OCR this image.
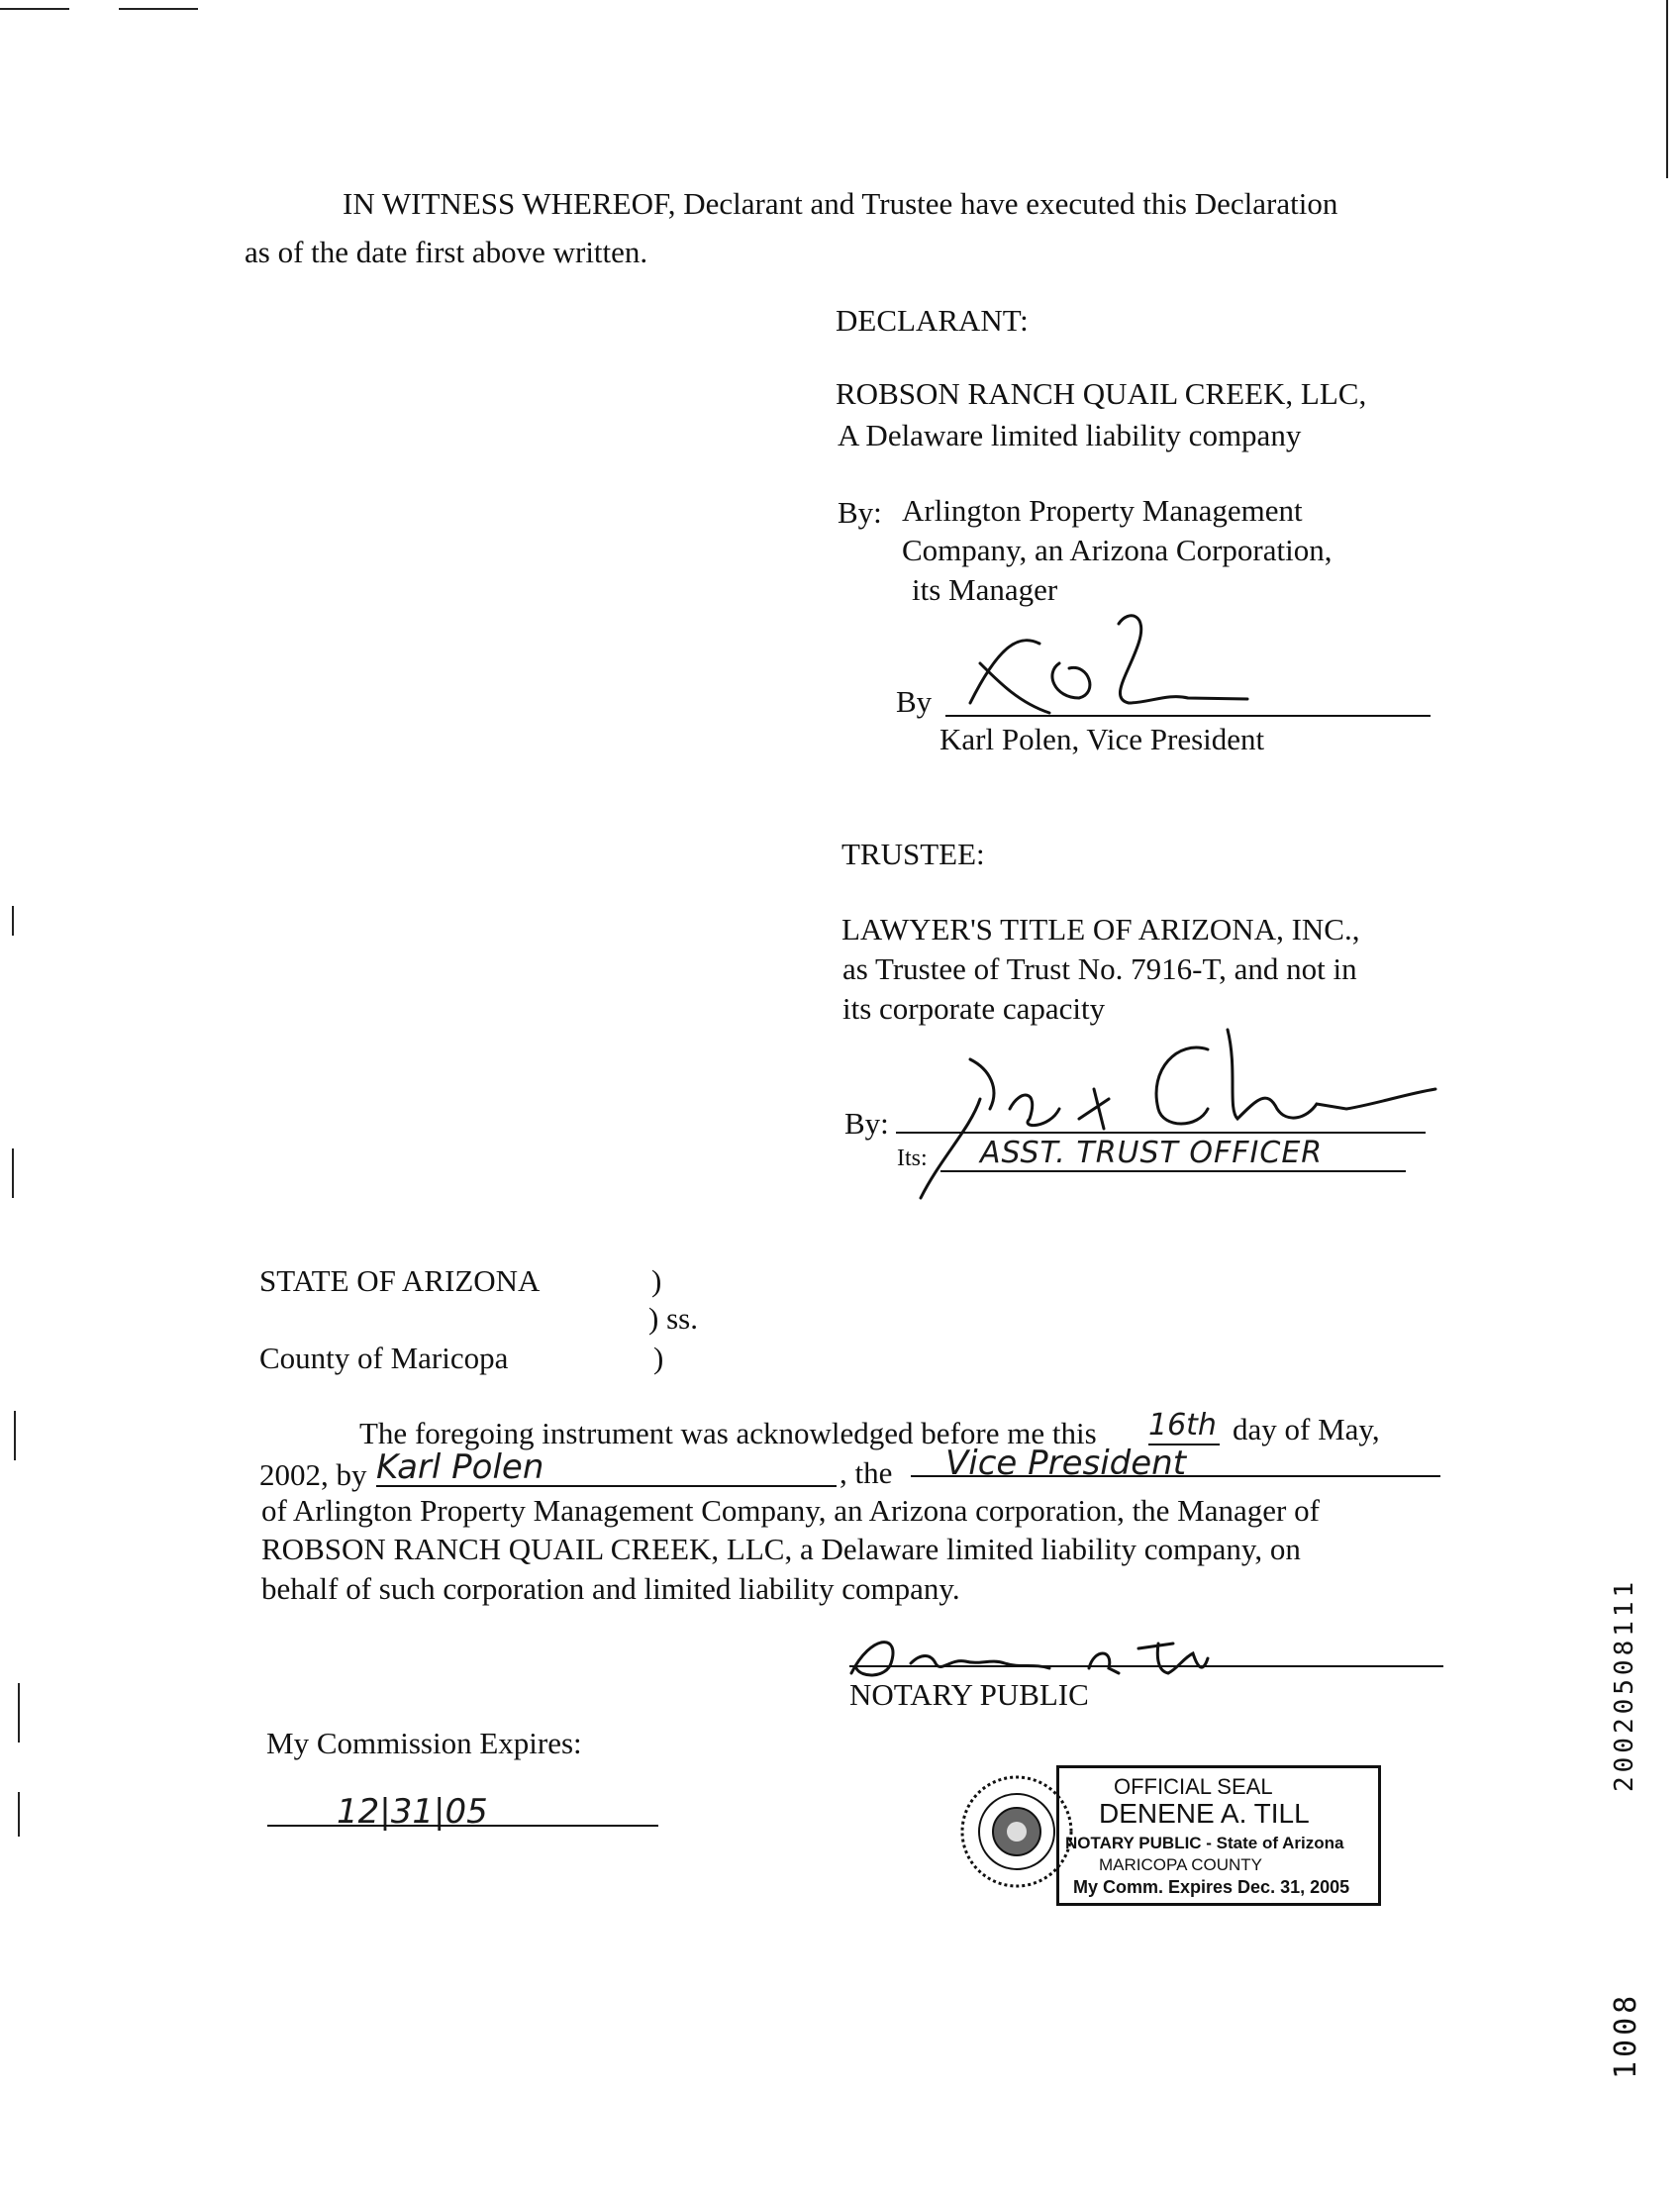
IN WITNESS WHEREOF, Declarant and Trustee have executed this Declaration
as of the date first above written.
DECLARANT:
ROBSON RANCH QUAIL CREEK, LLC,
A Delaware limited liability company
By: Arlington Property Management
Company, an Arizona Corporation,
its Manager
By
Karl Polen, Vice President
TRUSTEE:
LAWYER'S TITLE OF ARIZONA, INC.,
as Trustee of Trust No. 7916-T, and not in
its corporate capacity
By:
Its: ASST. TRUST OFFICER
STATE OF ARIZONA	)
) ss.
County of Maricopa	)
The foregoing instrument was acknowledged before me this 16th day of May,
2002, by Karl Polen	, the Vice President
of Arlington Property Management Company, an Arizona corporation, the Manager of
ROBSON RANCH QUAIL CREEK, LLC, a Delaware limited liability company, on
behalf of such corporation and limited liability company.
NOTARY PUBLIC
My Commission Expires:
12|31|05
OFFICIAL SEAL
DENENE A. TILL
NOTARY PUBLIC - State of Arizona
MARICOPA COUNTY
My Comm. Expires Dec. 31, 2005
20020508111
1008
